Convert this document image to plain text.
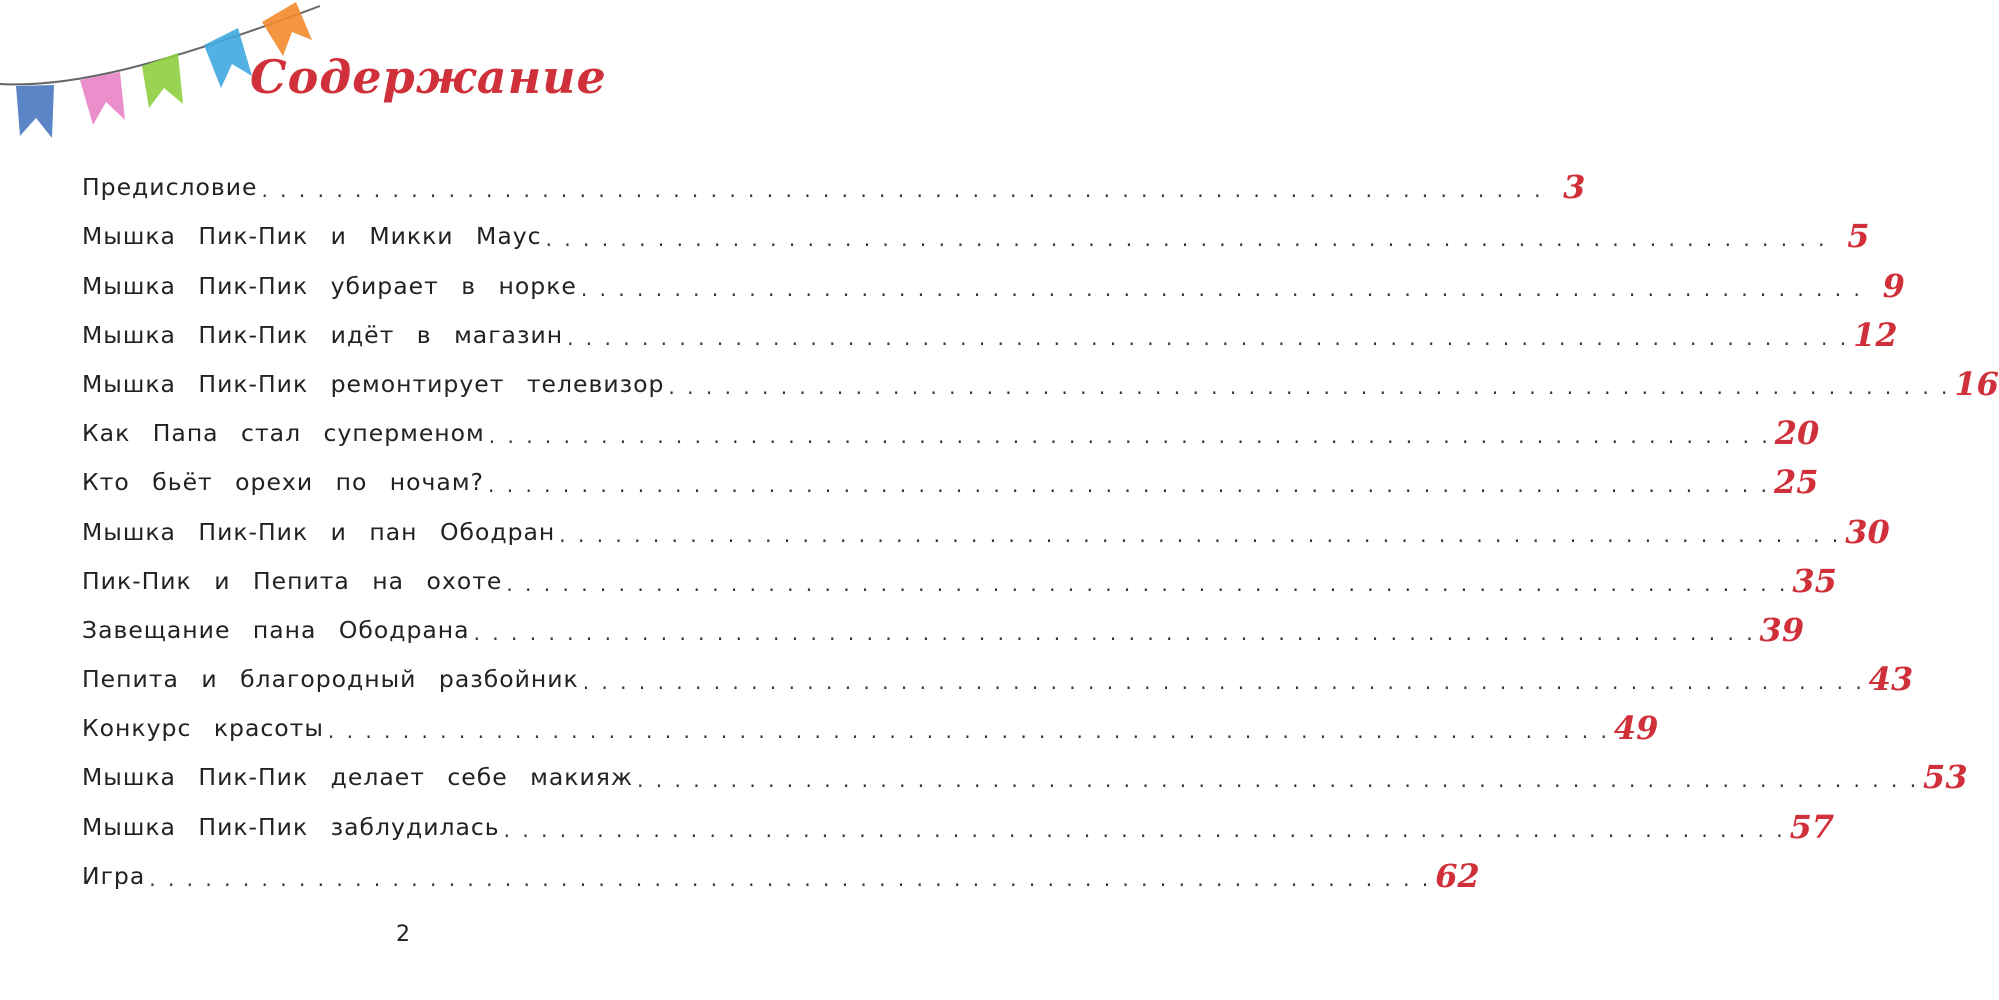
Содержание
Предисловие . . . . . . . . . . . . . . . . . . . . . . . . . . . . . . . . . . . . . . . . . . . . . . . . . . . . . . . . . . . . . . . . . . . . . 3
Мышка Пик-Пик и Микки Маус . . . . . . . . . . . . . . . . . . . . . . . . . . . . . . . . . . . . . . . . . . . . . . . . . . . . . . . . . . . . . . . . . . . . . 5
Мышка Пик-Пик убирает в норке . . . . . . . . . . . . . . . . . . . . . . . . . . . . . . . . . . . . . . . . . . . . . . . . . . . . . . . . . . . . . . . . . . . . . 9
Мышка Пик-Пик идёт в магазин . . . . . . . . . . . . . . . . . . . . . . . . . . . . . . . . . . . . . . . . . . . . . . . . . . . . . . . . . . . . . . . . . . . . . 12
Мышка Пик-Пик ремонтирует телевизор . . . . . . . . . . . . . . . . . . . . . . . . . . . . . . . . . . . . . . . . . . . . . . . . . . . . . . . . . . . . . . . . . . . . . 16
Как Папа стал суперменом . . . . . . . . . . . . . . . . . . . . . . . . . . . . . . . . . . . . . . . . . . . . . . . . . . . . . . . . . . . . . . . . . . . . . 20
Кто бьёт орехи по ночам? . . . . . . . . . . . . . . . . . . . . . . . . . . . . . . . . . . . . . . . . . . . . . . . . . . . . . . . . . . . . . . . . . . . . . 25
Мышка Пик-Пик и пан Ободран . . . . . . . . . . . . . . . . . . . . . . . . . . . . . . . . . . . . . . . . . . . . . . . . . . . . . . . . . . . . . . . . . . . . . 30
Пик-Пик и Пепита на охоте . . . . . . . . . . . . . . . . . . . . . . . . . . . . . . . . . . . . . . . . . . . . . . . . . . . . . . . . . . . . . . . . . . . . . 35
Завещание пана Ободрана . . . . . . . . . . . . . . . . . . . . . . . . . . . . . . . . . . . . . . . . . . . . . . . . . . . . . . . . . . . . . . . . . . . . . 39
Пепита и благородный разбойник . . . . . . . . . . . . . . . . . . . . . . . . . . . . . . . . . . . . . . . . . . . . . . . . . . . . . . . . . . . . . . . . . . . . . 43
Конкурс красоты . . . . . . . . . . . . . . . . . . . . . . . . . . . . . . . . . . . . . . . . . . . . . . . . . . . . . . . . . . . . . . . . . . . . . 49
Мышка Пик-Пик делает себе макияж . . . . . . . . . . . . . . . . . . . . . . . . . . . . . . . . . . . . . . . . . . . . . . . . . . . . . . . . . . . . . . . . . . . . . 53
Мышка Пик-Пик заблудилась . . . . . . . . . . . . . . . . . . . . . . . . . . . . . . . . . . . . . . . . . . . . . . . . . . . . . . . . . . . . . . . . . . . . . 57
Игра . . . . . . . . . . . . . . . . . . . . . . . . . . . . . . . . . . . . . . . . . . . . . . . . . . . . . . . . . . . . . . . . . . . . . 62
2
